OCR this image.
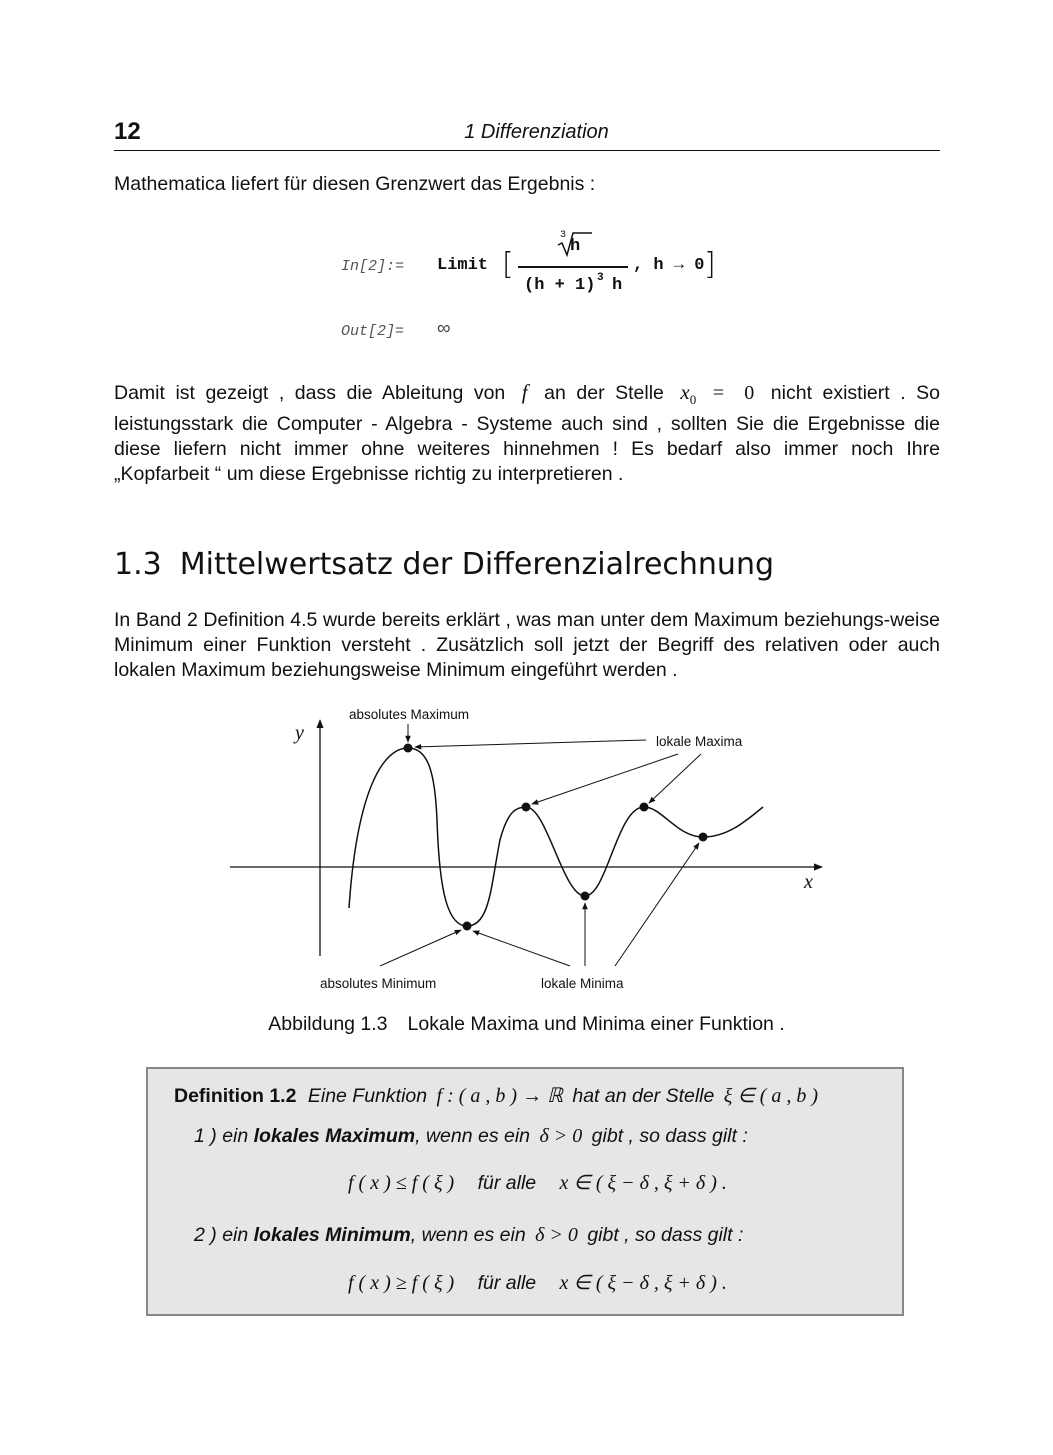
12	1 Differenziation
Mathematica liefert für diesen Grenzwert das Ergebnis :
In[2]:= Limit [
3
h
(h + 1) 3 h
, h → 0 ]
Out[2]= ∞
Damit ist gezeigt , dass die Ableitung von f an der Stelle $x_0 = 0$ nicht existiert . So leistungsstark die Computer - Algebra - Systeme auch sind , sollten Sie die Ergebnisse die diese liefern nicht immer ohne weiteres hinnehmen ! Es bedarf also immer noch Ihre „Kopfarbeit “ um diese Ergebnisse richtig zu interpretieren .
1.3 Mittelwertsatz der Differenzialrechnung
In Band 2 Definition 4.5 wurde bereits erklärt , was man unter dem Maximum beziehungs-weise Minimum einer Funktion versteht . Zusätzlich soll jetzt der Begriff des relativen oder auch lokalen Maximum beziehungsweise Minimum eingeführt werden .
y
x
absolutes Maximum
lokale Maxima
absolutes Minimum	lokale Minima
Abbildung 1.3 Lokale Maxima und Minima einer Funktion .
Definition 1.2 Eine Funktion f : ( a , b ) → ℝ hat an der Stelle ξ ∈ ( a , b )
1 ) ein lokales Maximum, wenn es ein δ > 0 gibt , so dass gilt :
f ( x ) ≤ f ( ξ ) für alle x ∈ ( ξ − δ , ξ + δ ) .
2 ) ein lokales Minimum, wenn es ein δ > 0 gibt , so dass gilt :
f ( x ) ≥ f ( ξ ) für alle x ∈ ( ξ − δ , ξ + δ ) .
